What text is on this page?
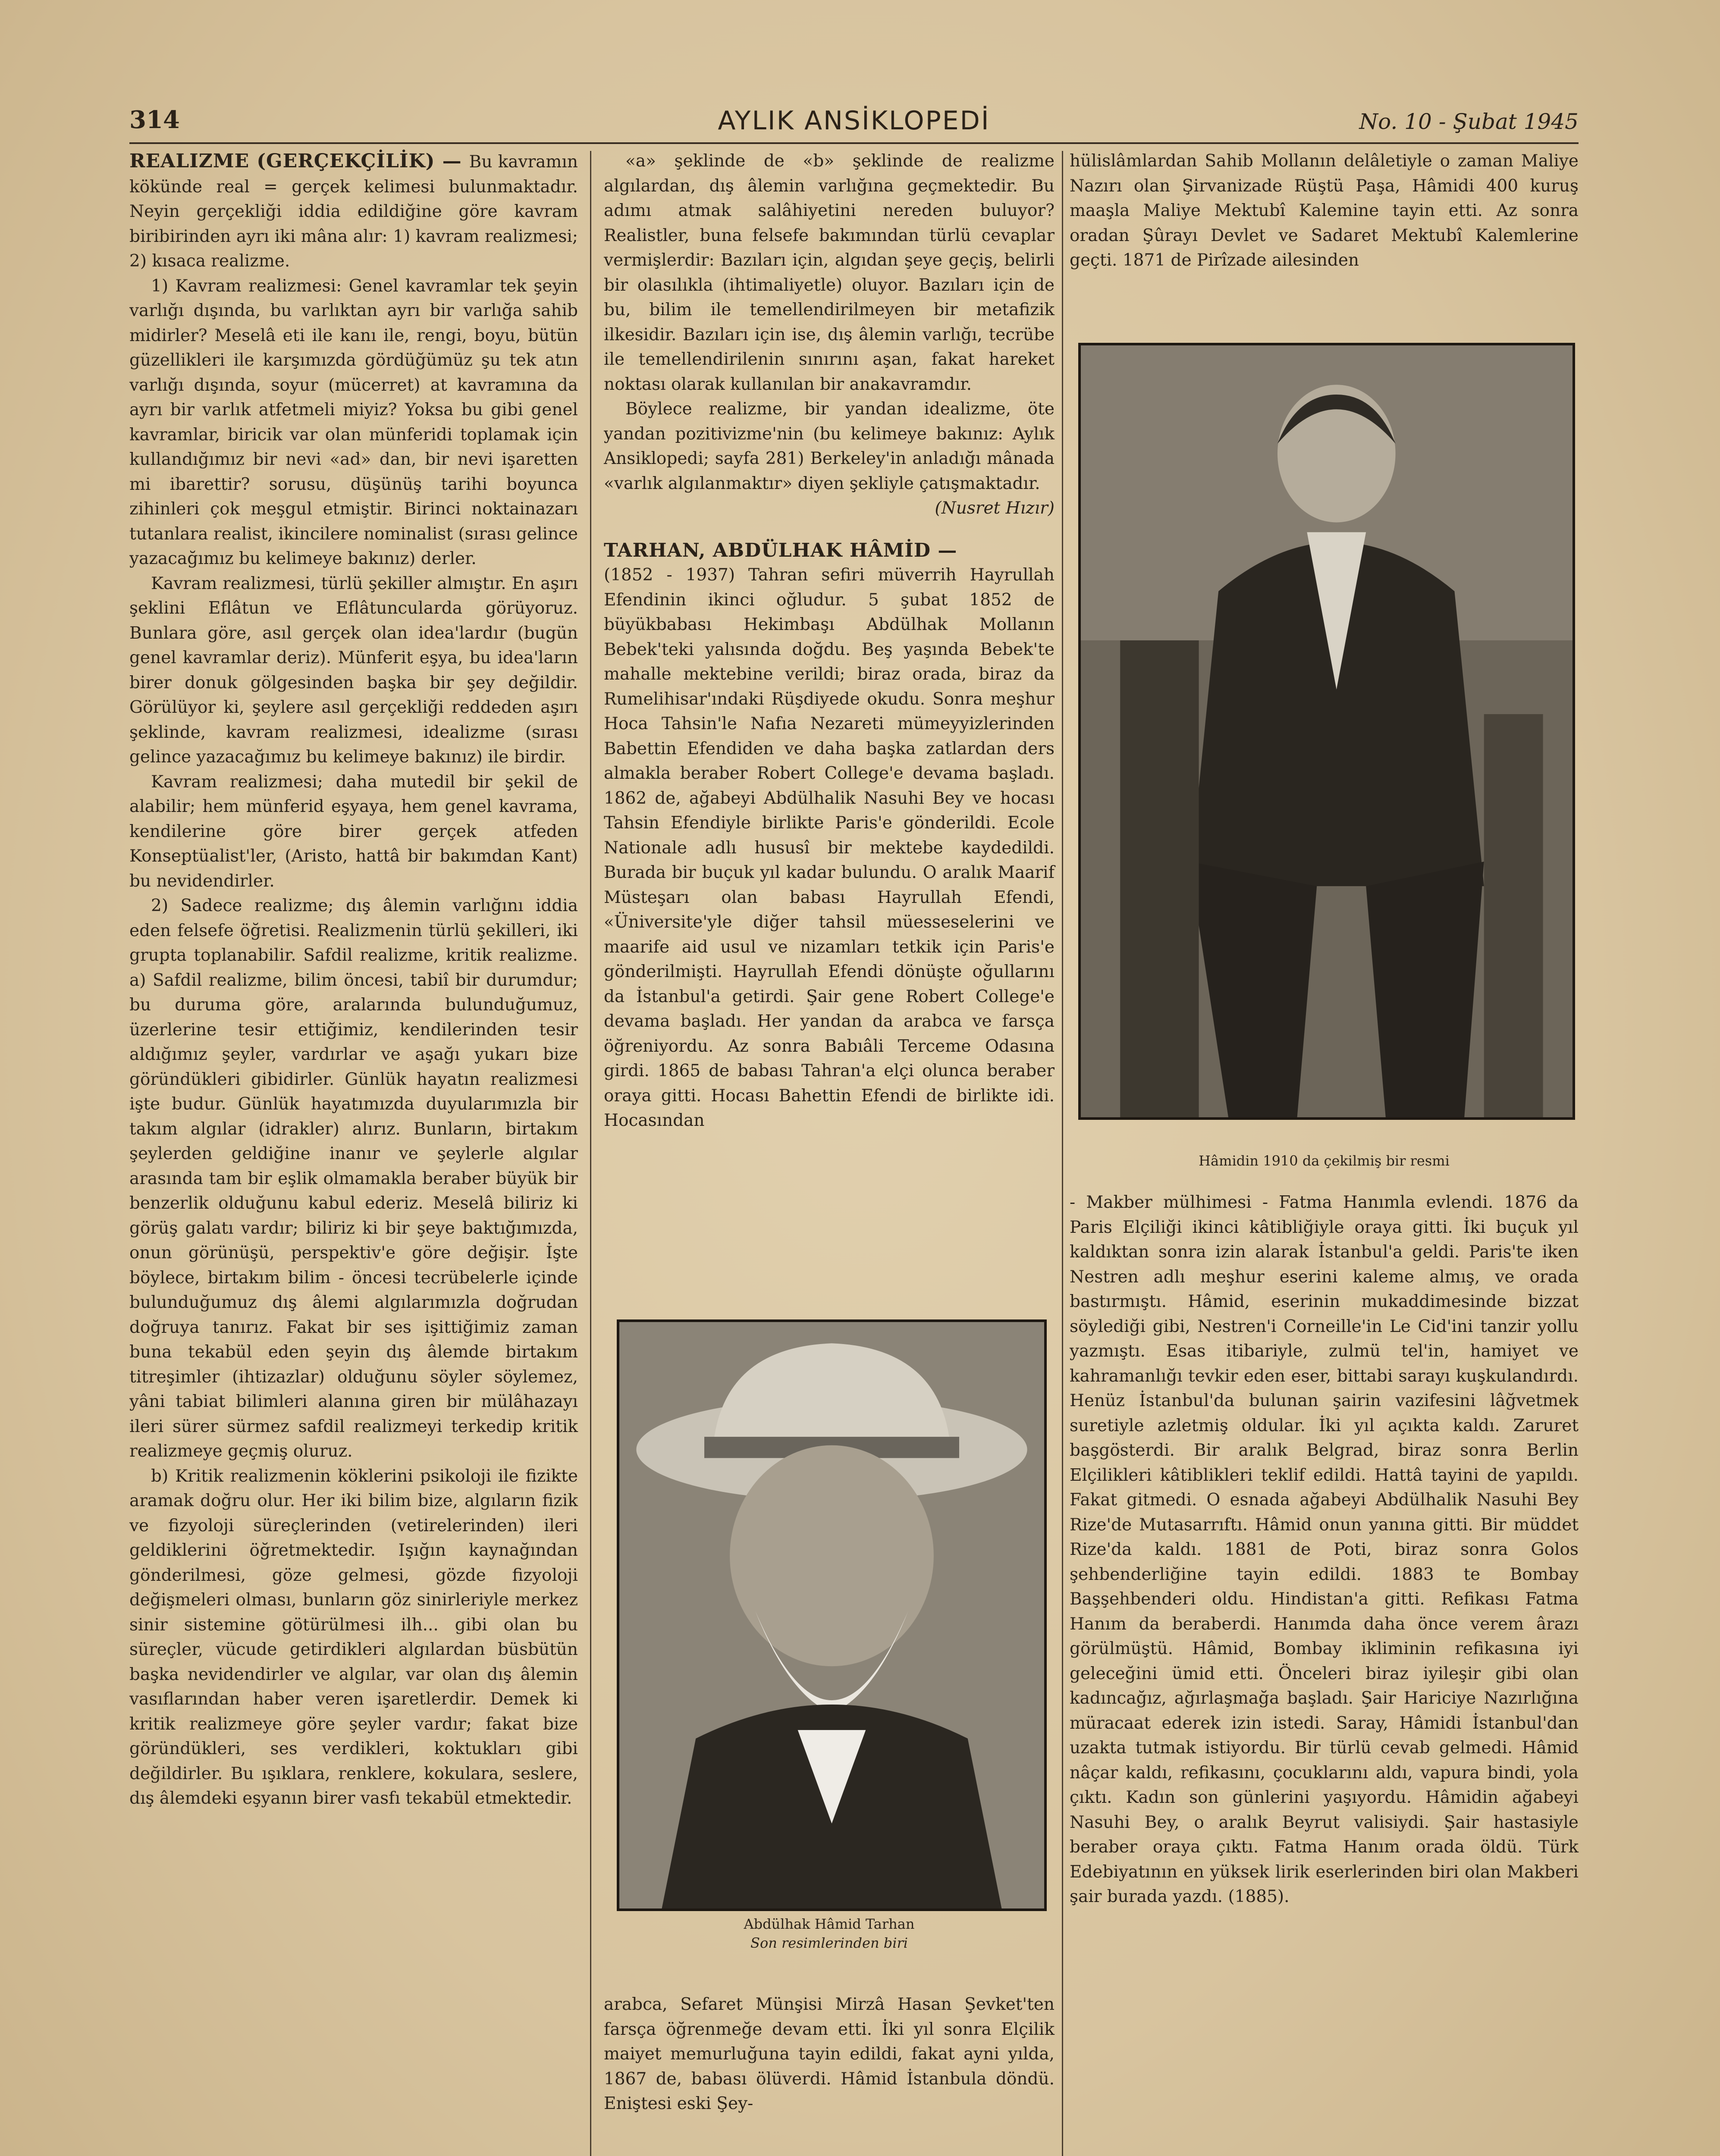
314	AYLIK ANSİKLOPEDİ	No. 10 - Şubat 1945

REALIZME (GERÇEKÇİLİK) — Bu kavramın kökünde real = gerçek kelimesi bulunmaktadır. Neyin gerçekliği iddia edildiğine göre kavram biribirinden ayrı iki mâna alır: 1) kavram realizmesi; 2) kısaca realizme.

1) Kavram realizmesi: Genel kavramlar tek şeyin varlığı dışında, bu varlıktan ayrı bir varlığa sahib midirler? Meselâ eti ile kanı ile, rengi, boyu, bütün güzellikleri ile karşımızda gördüğümüz şu tek atın varlığı dışında, soyur (mücerret) at kavramına da ayrı bir varlık atfetmeli miyiz? Yoksa bu gibi genel kavramlar, biricik var olan münferidi toplamak için kullandığımız bir nevi «ad» dan, bir nevi işaretten mi ibarettir? sorusu, düşünüş tarihi boyunca zihinleri çok meşgul etmiştir. Birinci noktainazarı tutanlara realist, ikincilere nominalist (sırası gelince yazacağımız bu kelimeye bakınız) derler.

Kavram realizmesi, türlü şekiller almıştır. En aşırı şeklini Eflâtun ve Eflâtuncularda görüyoruz. Bunlara göre, asıl gerçek olan idea'lardır (bugün genel kavramlar deriz). Münferit eşya, bu idea'ların birer donuk gölgesinden başka bir şey değildir. Görülüyor ki, şeylere asıl gerçekliği reddeden aşırı şeklinde, kavram realizmesi, idealizme (sırası gelince yazacağımız bu kelimeye bakınız) ile birdir.

Kavram realizmesi; daha mutedil bir şekil de alabilir; hem münferid eşyaya, hem genel kavrama, kendilerine göre birer gerçek atfeden Konseptüalist'ler, (Aristo, hattâ bir bakımdan Kant) bu nevidendirler.

2) Sadece realizme; dış âlemin varlığını iddia eden felsefe öğretisi. Realizmenin türlü şekilleri, iki grupta toplanabilir. Safdil realizme, kritik realizme. a) Safdil realizme, bilim öncesi, tabiî bir durumdur; bu duruma göre, aralarında bulunduğumuz, üzerlerine tesir ettiğimiz, kendilerinden tesir aldığımız şeyler, vardırlar ve aşağı yukarı bize göründükleri gibidirler. Günlük hayatın realizmesi işte budur. Günlük hayatımızda duyularımızla bir takım algılar (idrakler) alırız. Bunların, birtakım şeylerden geldiğine inanır ve şeylerle algılar arasında tam bir eşlik olmamakla beraber büyük bir benzerlik olduğunu kabul ederiz. Meselâ biliriz ki görüş galatı vardır; biliriz ki bir şeye baktığımızda, onun görünüşü, perspektiv'e göre değişir. İşte böylece, birtakım bilim - öncesi tecrübelerle içinde bulunduğumuz dış âlemi algılarımızla doğrudan doğruya tanırız. Fakat bir ses işittiğimiz zaman buna tekabül eden şeyin dış âlemde birtakım titreşimler (ihtizazlar) olduğunu söyler söylemez, yâni tabiat bilimleri alanına giren bir mülâhazayı ileri sürer sürmez safdil realizmeyi terkedip kritik realizmeye geçmiş oluruz.

b) Kritik realizmenin köklerini psikoloji ile fizikte aramak doğru olur. Her iki bilim bize, algıların fizik ve fizyoloji süreçlerinden (vetirelerinden) ileri geldiklerini öğretmektedir. Işığın kaynağından gönderilmesi, göze gelmesi, gözde fizyoloji değişmeleri olması, bunların göz sinirleriyle merkez sinir sistemine götürülmesi ilh... gibi olan bu süreçler, vücude getirdikleri algılardan büsbütün başka nevidendirler ve algılar, var olan dış âlemin vasıflarından haber veren işaretlerdir. Demek ki kritik realizmeye göre şeyler vardır; fakat bize göründükleri, ses verdikleri, koktukları gibi değildirler. Bu ışıklara, renklere, kokulara, seslere, dış âlemdeki eşyanın birer vasfı tekabül etmektedir.

«a» şeklinde de «b» şeklinde de realizme algılardan, dış âlemin varlığına geçmektedir. Bu adımı atmak salâhiyetini nereden buluyor? Realistler, buna felsefe bakımından türlü cevaplar vermişlerdir: Bazıları için, algıdan şeye geçiş, belirli bir olasılıkla (ihtimaliyetle) oluyor. Bazıları için de bu, bilim ile temellendirilmeyen bir metafizik ilkesidir. Bazıları için ise, dış âlemin varlığı, tecrübe ile temellendirilenin sınırını aşan, fakat hareket noktası olarak kullanılan bir anakavramdır.

Böylece realizme, bir yandan idealizme, öte yandan pozitivizme'nin (bu kelimeye bakınız: Aylık Ansiklopedi; sayfa 281) Berkeley'in anladığı mânada «varlık algılanmaktır» diyen şekliyle çatışmaktadır.

(Nusret Hızır)

TARHAN, ABDÜLHAK HÂMİD —

(1852 - 1937) Tahran sefiri müverrih Hayrullah Efendinin ikinci oğludur. 5 şubat 1852 de büyükbabası Hekimbaşı Abdülhak Mollanın Bebek'teki yalısında doğdu. Beş yaşında Bebek'te mahalle mektebine verildi; biraz orada, biraz da Rumelihisar'ındaki Rüşdiyede okudu. Sonra meşhur Hoca Tahsin'le Nafıa Nezareti mümeyyizlerinden Babettin Efendiden ve daha başka zatlardan ders almakla beraber Robert College'e devama başladı. 1862 de, ağabeyi Abdülhalik Nasuhi Bey ve hocası Tahsin Efendiyle birlikte Paris'e gönderildi. Ecole Nationale adlı hususî bir mektebe kaydedildi. Burada bir buçuk yıl kadar bulundu. O aralık Maarif Müsteşarı olan babası Hayrullah Efendi, «Üniversite'yle diğer tahsil müesseselerini ve maarife aid usul ve nizamları tetkik için Paris'e gönderilmişti. Hayrullah Efendi dönüşte oğullarını da İstanbul'a getirdi. Şair gene Robert College'e devama başladı. Her yandan da arabca ve farsça öğreniyordu. Az sonra Babıâli Terceme Odasına girdi. 1865 de babası Tahran'a elçi olunca beraber oraya gitti. Hocası Bahettin Efendi de birlikte idi. Hocasından

Abdülhak Hâmid Tarhan
Son resimlerinden biri

arabca, Sefaret Münşisi Mirzâ Hasan Şevket'ten farsça öğrenmeğe devam etti. İki yıl sonra Elçilik maiyet memurluğuna tayin edildi, fakat ayni yılda, 1867 de, babası ölüverdi. Hâmid İstanbula döndü. Eniştesi eski Şey-

hülislâmlardan Sahib Mollanın delâletiyle o zaman Maliye Nazırı olan Şirvanizade Rüştü Paşa, Hâmidi 400 kuruş maaşla Maliye Mektubî Kalemine tayin etti. Az sonra oradan Şûrayı Devlet ve Sadaret Mektubî Kalemlerine geçti. 1871 de Pirîzade ailesinden

Hâmidin 1910 da çekilmiş bir resmi

- Makber mülhimesi - Fatma Hanımla evlendi. 1876 da Paris Elçiliği ikinci kâtibliğiyle oraya gitti. İki buçuk yıl kaldıktan sonra izin alarak İstanbul'a geldi. Paris'te iken Nestren adlı meşhur eserini kaleme almış, ve orada bastırmıştı. Hâmid, eserinin mukaddimesinde bizzat söylediği gibi, Nestren'i Corneille'in Le Cid'ini tanzir yollu yazmıştı. Esas itibariyle, zulmü tel'in, hamiyet ve kahramanlığı tevkir eden eser, bittabi sarayı kuşkulandırdı. Henüz İstanbul'da bulunan şairin vazifesini lâğvetmek suretiyle azletmiş oldular. İki yıl açıkta kaldı. Zaruret başgösterdi. Bir aralık Belgrad, biraz sonra Berlin Elçilikleri kâtiblikleri teklif edildi. Hattâ tayini de yapıldı. Fakat gitmedi. O esnada ağabeyi Abdülhalik Nasuhi Bey Rize'de Mutasarrıftı. Hâmid onun yanına gitti. Bir müddet Rize'da kaldı. 1881 de Poti, biraz sonra Golos şehbenderliğine tayin edildi. 1883 te Bombay Başşehbenderi oldu. Hindistan'a gitti. Refikası Fatma Hanım da beraberdi. Hanımda daha önce verem ârazı görülmüştü. Hâmid, Bombay ikliminin refikasına iyi geleceğini ümid etti. Önceleri biraz iyileşir gibi olan kadıncağız, ağırlaşmağa başladı. Şair Hariciye Nazırlığına müracaat ederek izin istedi. Saray, Hâmidi İstanbul'dan uzakta tutmak istiyordu. Bir türlü cevab gelmedi. Hâmid nâçar kaldı, refikasını, çocuklarını aldı, vapura bindi, yola çıktı. Kadın son günlerini yaşıyordu. Hâmidin ağabeyi Nasuhi Bey, o aralık Beyrut valisiydi. Şair hastasiyle beraber oraya çıktı. Fatma Hanım orada öldü. Türk Edebiyatının en yüksek lirik eserlerinden biri olan Makberi şair burada yazdı. (1885).
